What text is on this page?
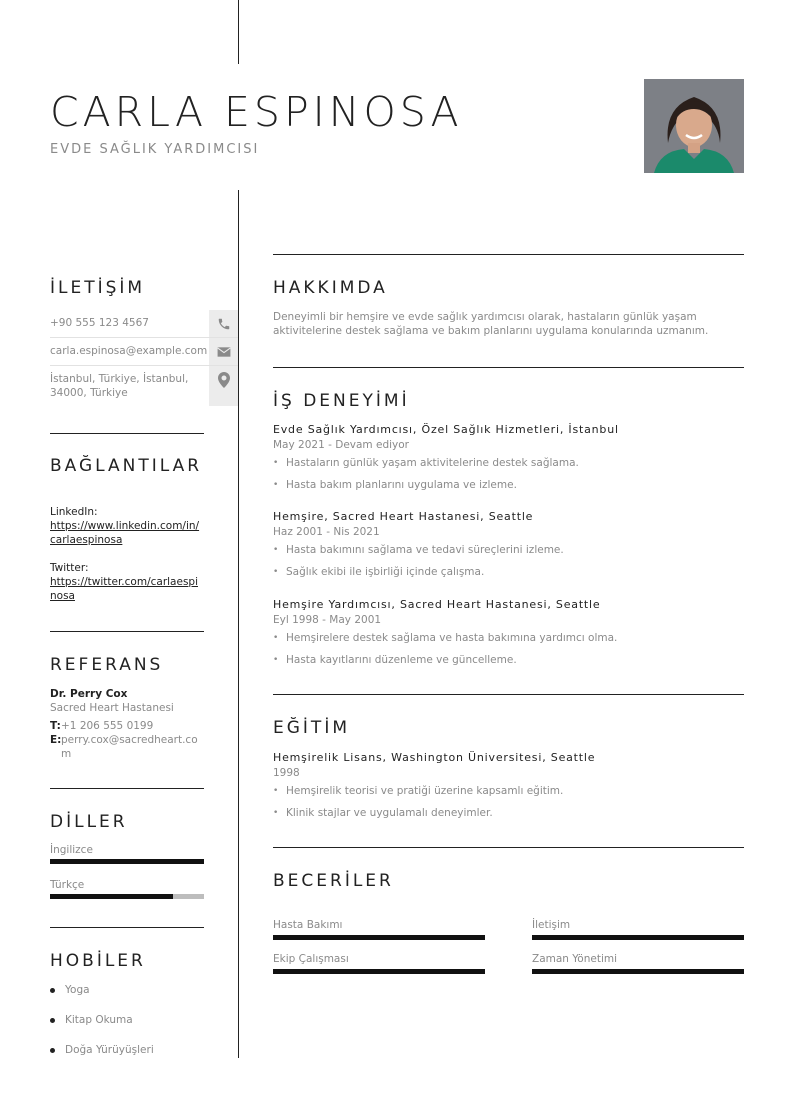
CARLA ESPINOSA
EVDE SAĞLIK YARDIMCISI
İLETİŞİM
+90 555 123 4567
carla.espinosa@example.com
İstanbul, Türkiye, İstanbul, 34000, Türkiye
BAĞLANTILAR
LinkedIn:
https://www.linkedin.com/in/carlaespinosa
Twitter:
https://twitter.com/carlaespinosa
REFERANS
Dr. Perry Cox
Sacred Heart Hastanesi
T: +1 206 555 0199
E: perry.cox@sacredheart.com
DİLLER
İngilizce
Türkçe
HOBİLER
Yoga
Kitap Okuma
Doğa Yürüyüşleri
HAKKIMDA
Deneyimli bir hemşire ve evde sağlık yardımcısı olarak, hastaların günlük yaşam aktivitelerine destek sağlama ve bakım planlarını uygulama konularında uzmanım.
İŞ DENEYİMİ
Evde Sağlık Yardımcısı, Özel Sağlık Hizmetleri, İstanbul
May 2021 - Devam ediyor
• Hastaların günlük yaşam aktivitelerine destek sağlama.
• Hasta bakım planlarını uygulama ve izleme.
Hemşire, Sacred Heart Hastanesi, Seattle
Haz 2001 - Nis 2021
• Hasta bakımını sağlama ve tedavi süreçlerini izleme.
• Sağlık ekibi ile işbirliği içinde çalışma.
Hemşire Yardımcısı, Sacred Heart Hastanesi, Seattle
Eyl 1998 - May 2001
• Hemşirelere destek sağlama ve hasta bakımına yardımcı olma.
• Hasta kayıtlarını düzenleme ve güncelleme.
EĞİTİM
Hemşirelik Lisans, Washington Üniversitesi, Seattle
1998
• Hemşirelik teorisi ve pratiği üzerine kapsamlı eğitim.
• Klinik stajlar ve uygulamalı deneyimler.
BECERİLER
Hasta Bakımı	İletişim
Ekip Çalışması	Zaman Yönetimi
